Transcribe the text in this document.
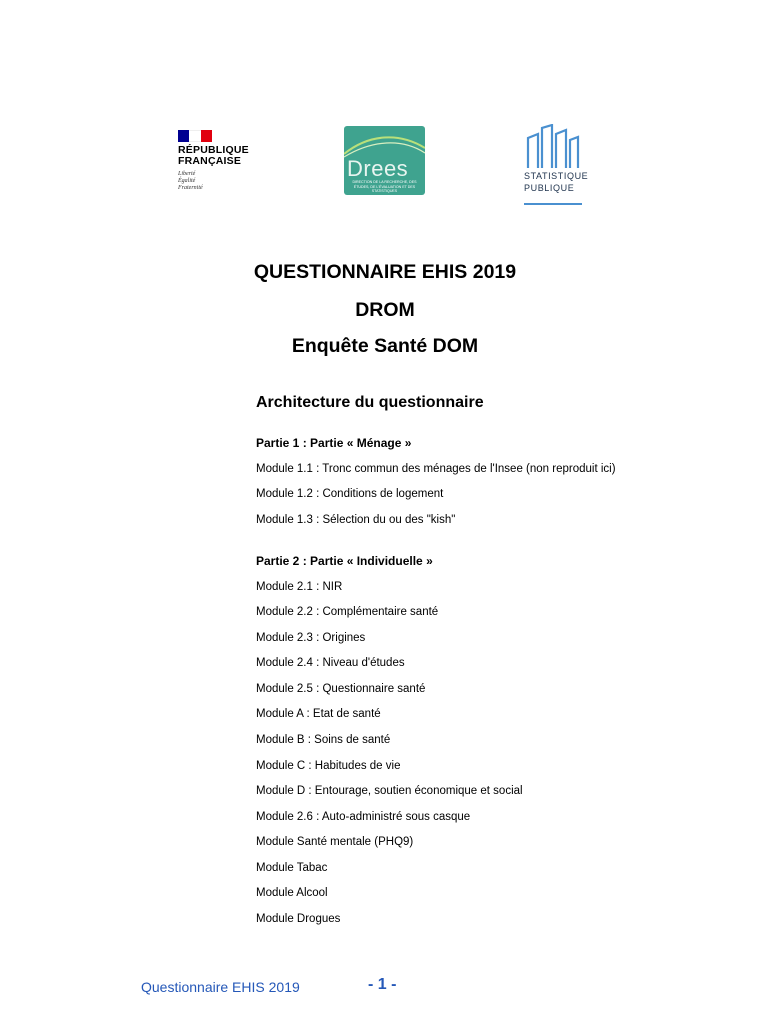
RÉPUBLIQUE
FRANÇAISE
Liberté
Égalité
Fraternité
Drees
DIRECTION DE LA RECHERCHE, DES ÉTUDES, DE L'ÉVALUATION ET DES STATISTIQUES
STATISTIQUE
PUBLIQUE
QUESTIONNAIRE EHIS 2019
DROM
Enquête Santé DOM
Architecture du questionnaire
Partie 1 : Partie « Ménage »
Module 1.1 : Tronc commun des ménages de l'Insee (non reproduit ici)
Module 1.2 : Conditions de logement
Module 1.3 : Sélection du ou des "kish"
Partie 2 : Partie « Individuelle »
Module 2.1 : NIR
Module 2.2 : Complémentaire santé
Module 2.3 : Origines
Module 2.4 : Niveau d'études
Module 2.5 : Questionnaire santé
Module A : Etat de santé
Module B : Soins de santé
Module C : Habitudes de vie
Module D : Entourage, soutien économique et social
Module 2.6 : Auto-administré sous casque
Module Santé mentale (PHQ9)
Module Tabac
Module Alcool
Module Drogues
Questionnaire EHIS 2019	- 1 -
